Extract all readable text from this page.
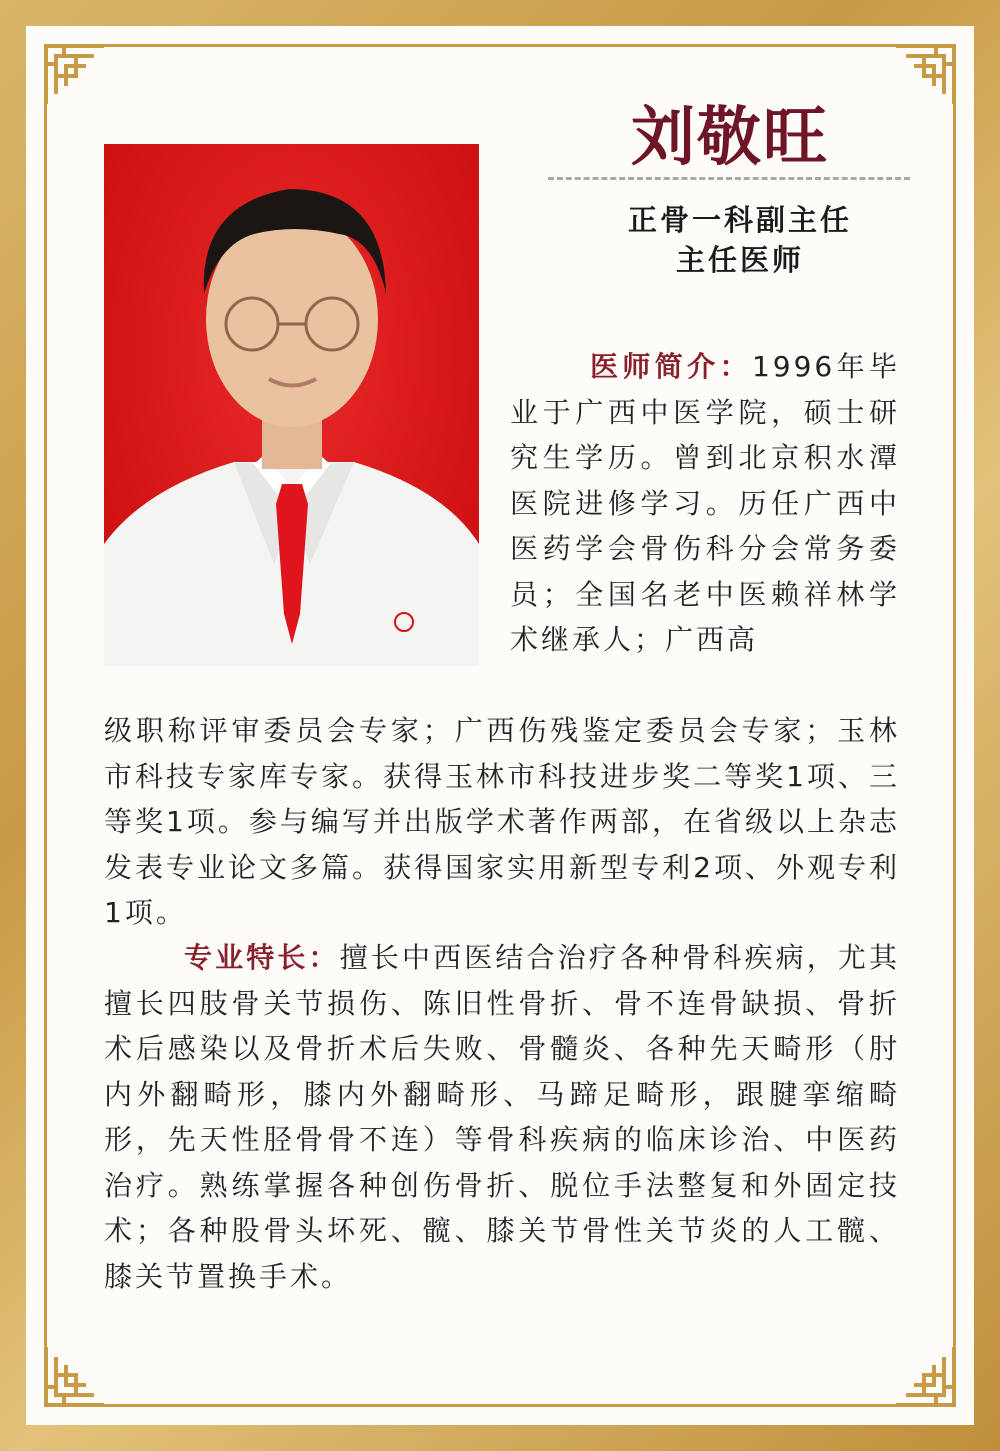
刘敬旺
正骨一科副主任
主任医师
医师简介：1996年毕业于广西中医学院，硕士研究生学历。曾到北京积水潭医院进修学习。历任广西中医药学会骨伤科分会常务委员；全国名老中医赖祥林学术继承人；广西高
级职称评审委员会专家；广西伤残鉴定委员会专家；玉林市科技专家库专家。获得玉林市科技进步奖二等奖1项、三等奖1项。参与编写并出版学术著作两部，在省级以上杂志发表专业论文多篇。获得国家实用新型专利2项、外观专利1项。
专业特长：擅长中西医结合治疗各种骨科疾病，尤其擅长四肢骨关节损伤、陈旧性骨折、骨不连骨缺损、骨折术后感染以及骨折术后失败、骨髓炎、各种先天畸形（肘内外翻畸形，膝内外翻畸形、马蹄足畸形，跟腱挛缩畸形，先天性胫骨骨不连）等骨科疾病的临床诊治、中医药治疗。熟练掌握各种创伤骨折、脱位手法整复和外固定技术；各种股骨头坏死、髋、膝关节骨性关节炎的人工髋、膝关节置换手术。
